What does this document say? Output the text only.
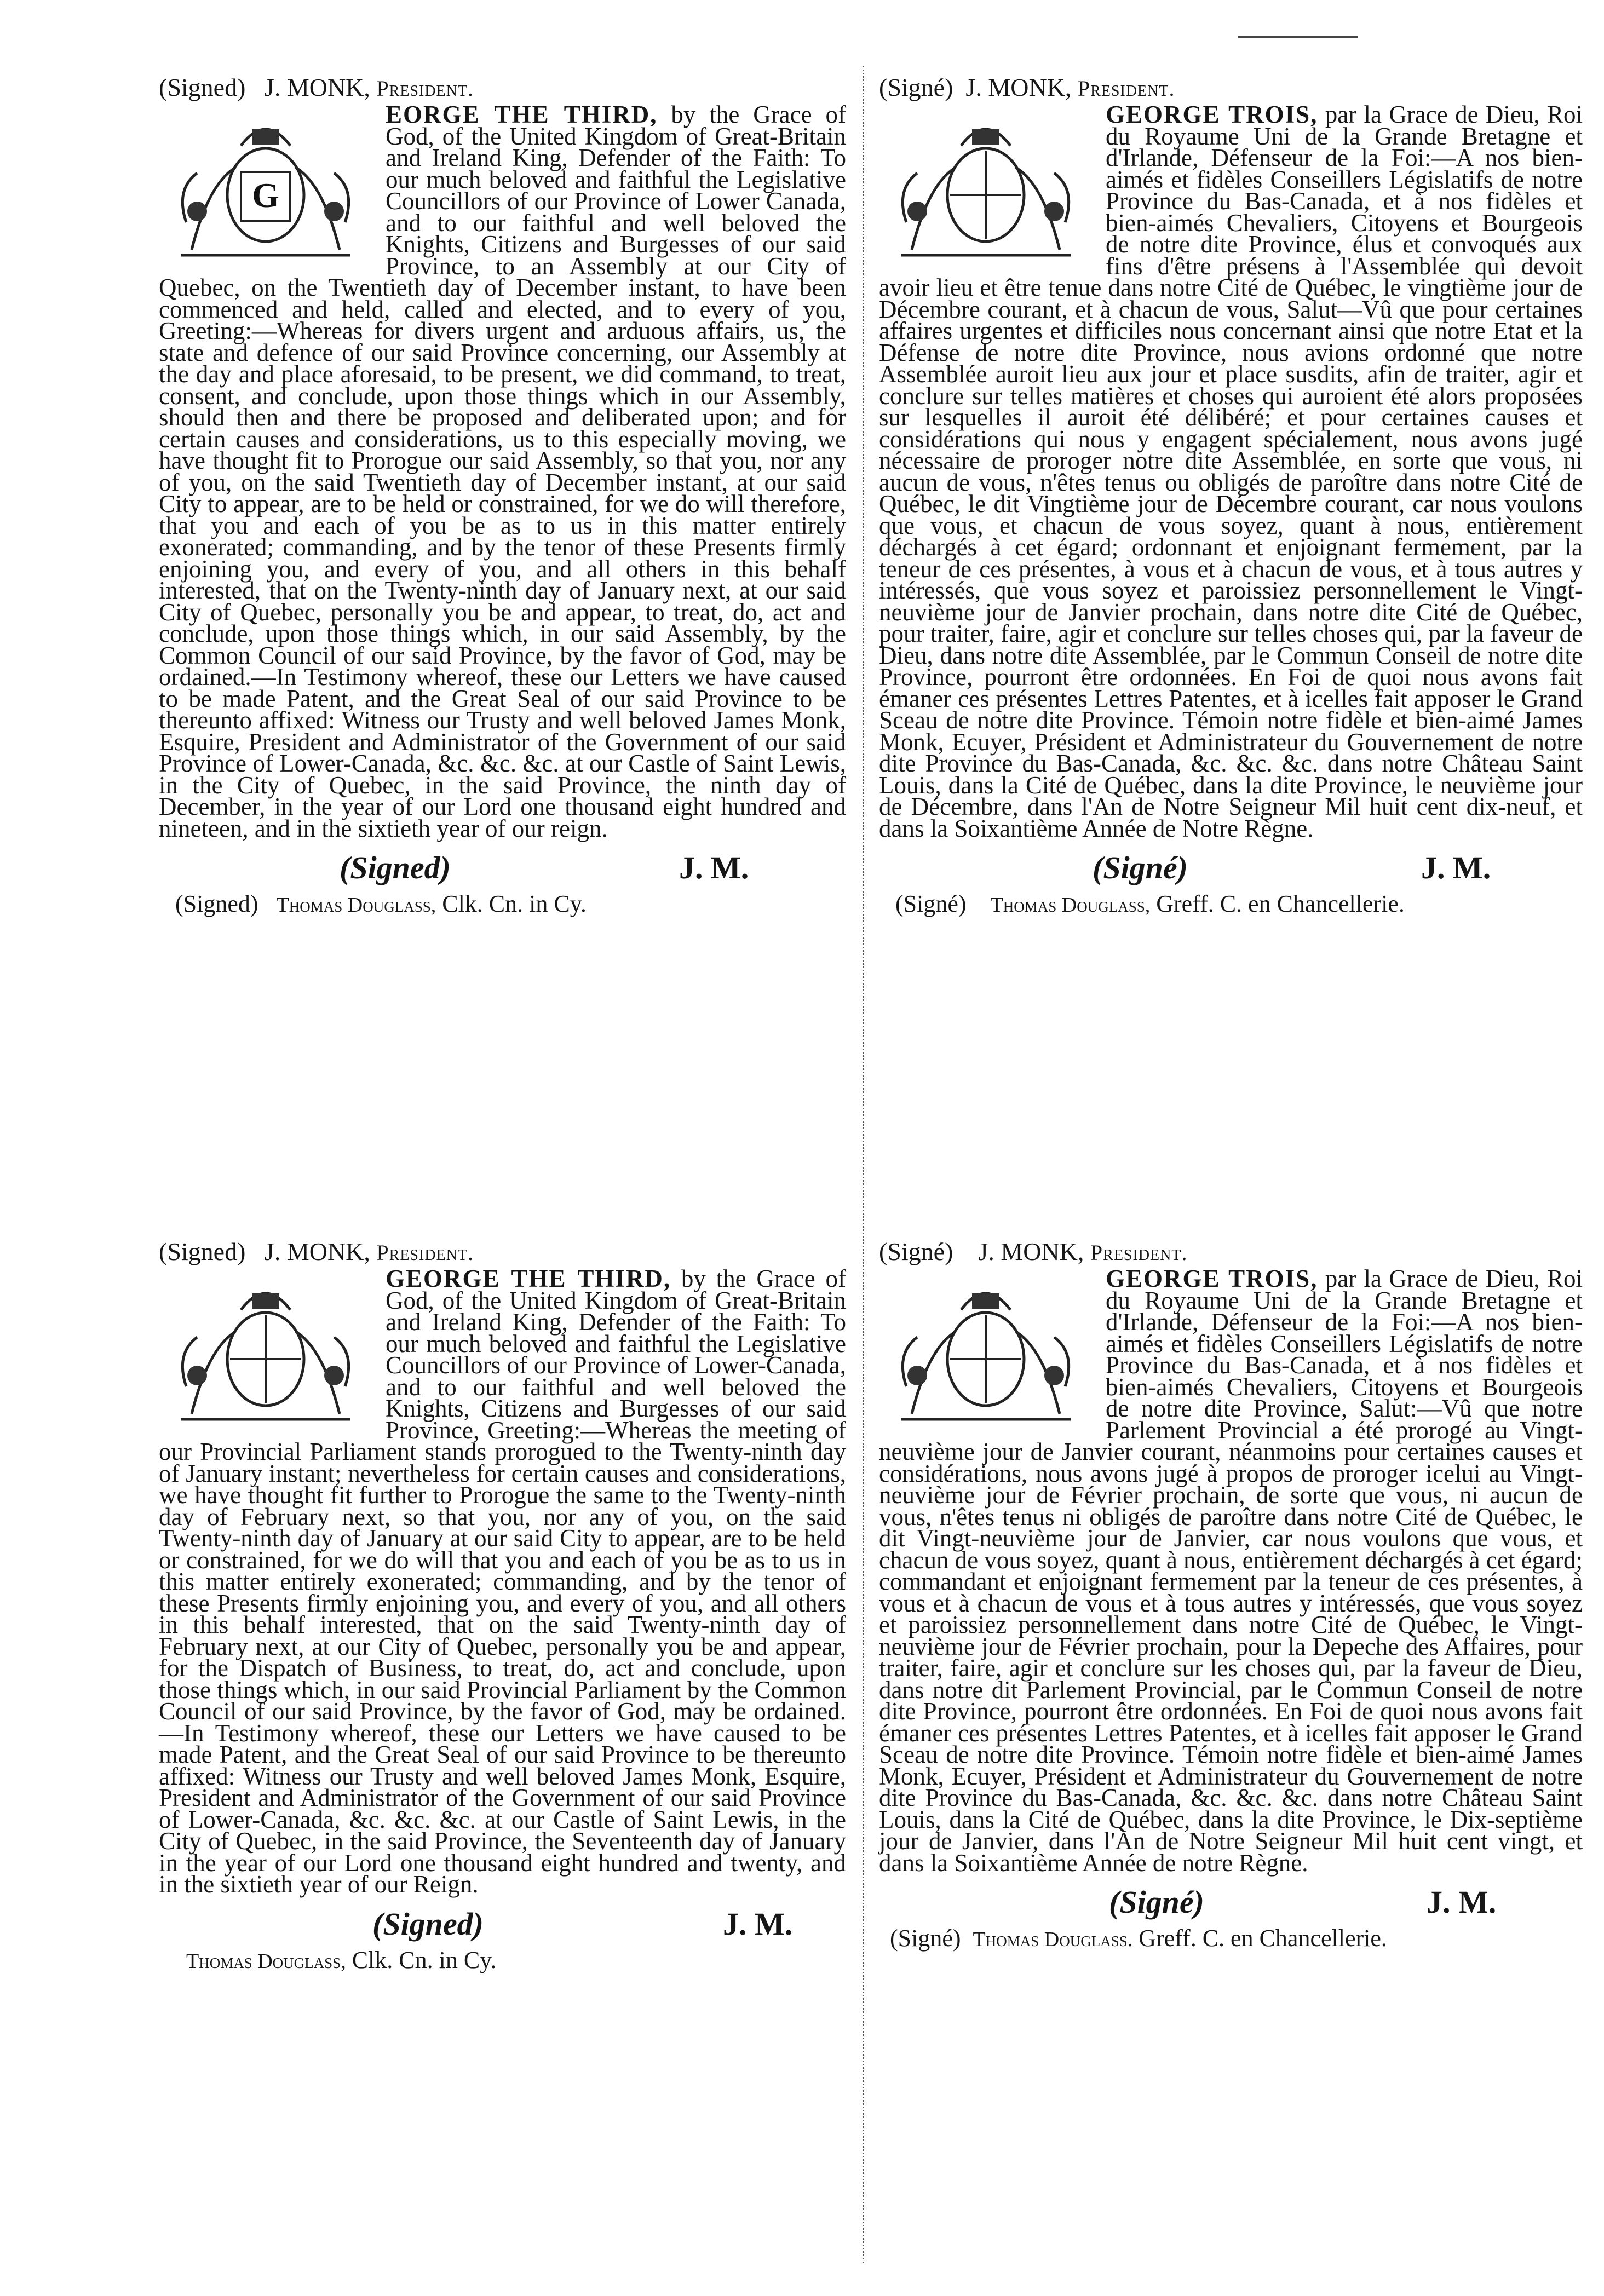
(Signed) J. MONK, President.
G
EORGE THE THIRD, by the Grace of God, of the United Kingdom of Great-Britain and Ireland King, Defender of the Faith: To our much beloved and faithful the Legislative Councillors of our Province of Lower Canada, and to our faithful and well beloved the Knights, Citizens and Burgesses of our said Province, to an Assembly at our City of Quebec, on the Twentieth day of December instant, to have been commenced and held, called and elected, and to every of you, Greeting:—Whereas for divers urgent and arduous affairs, us, the state and defence of our said Province concerning, our Assembly at the day and place aforesaid, to be present, we did command, to treat, consent, and conclude, upon those things which in our Assembly, should then and there be proposed and deliberated upon; and for certain causes and considerations, us to this especially moving, we have thought fit to Prorogue our said Assembly, so that you, nor any of you, on the said Twentieth day of December instant, at our said City to appear, are to be held or constrained, for we do will therefore, that you and each of you be as to us in this matter entirely exonerated; commanding, and by the tenor of these Presents firmly enjoining you, and every of you, and all others in this behalf interested, that on the Twenty-ninth day of January next, at our said City of Quebec, personally you be and appear, to treat, do, act and conclude, upon those things which, in our said Assembly, by the Common Council of our said Province, by the favor of God, may be ordained.—In Testimony whereof, these our Letters we have caused to be made Patent, and the Great Seal of our said Province to be thereunto affixed: Witness our Trusty and well beloved James Monk, Esquire, President and Administrator of the Government of our said Province of Lower-Canada, &c. &c. &c. at our Castle of Saint Lewis, in the City of Quebec, in the said Province, the ninth day of December, in the year of our Lord one thousand eight hundred and nineteen, and in the sixtieth year of our reign.
(Signed)	J. M.
(Signed) Thomas Douglass, Clk. Cn. in Cy.
(Signé) J. MONK, President.
GEORGE TROIS, par la Grace de Dieu, Roi du Royaume Uni de la Grande Bretagne et d'Irlande, Défenseur de la Foi:—A nos bien-aimés et fidèles Conseillers Législatifs de notre Province du Bas-Canada, et à nos fidèles et bien-aimés Chevaliers, Citoyens et Bourgeois de notre dite Province, élus et convoqués aux fins d'être présens à l'Assemblée qui devoit avoir lieu et être tenue dans notre Cité de Québec, le vingtième jour de Décembre courant, et à chacun de vous, Salut—Vû que pour certaines affaires urgentes et difficiles nous concernant ainsi que notre Etat et la Défense de notre dite Province, nous avions ordonné que notre Assemblée auroit lieu aux jour et place susdits, afin de traiter, agir et conclure sur telles matières et choses qui auroient été alors proposées sur lesquelles il auroit été délibéré; et pour certaines causes et considérations qui nous y engagent spécialement, nous avons jugé nécessaire de proroger notre dite Assemblée, en sorte que vous, ni aucun de vous, n'êtes tenus ou obligés de paroître dans notre Cité de Québec, le dit Vingtième jour de Décembre courant, car nous voulons que vous, et chacun de vous soyez, quant à nous, entièrement déchargés à cet égard; ordonnant et enjoignant fermement, par la teneur de ces présentes, à vous et à chacun de vous, et à tous autres y intéressés, que vous soyez et paroissiez personnellement le Vingt-neuvième jour de Janvier prochain, dans notre dite Cité de Québec, pour traiter, faire, agir et conclure sur telles choses qui, par la faveur de Dieu, dans notre dite Assemblée, par le Commun Conseil de notre dite Province, pourront être ordonnées. En Foi de quoi nous avons fait émaner ces présentes Lettres Patentes, et à icelles fait apposer le Grand Sceau de notre dite Province. Témoin notre fidèle et bien-aimé James Monk, Ecuyer, Président et Administrateur du Gouvernement de notre dite Province du Bas-Canada, &c. &c. &c. dans notre Château Saint Louis, dans la Cité de Québec, dans la dite Province, le neuvième jour de Décembre, dans l'An de Notre Seigneur Mil huit cent dix-neuf, et dans la Soixantième Année de Notre Règne.
(Signé)	J. M.
(Signé) Thomas Douglass, Greff. C. en Chancellerie.
(Signed) J. MONK, President.
GEORGE THE THIRD, by the Grace of God, of the United Kingdom of Great-Britain and Ireland King, Defender of the Faith: To our much beloved and faithful the Legislative Councillors of our Province of Lower-Canada, and to our faithful and well beloved the Knights, Citizens and Burgesses of our said Province, Greeting:—Whereas the meeting of our Provincial Parliament stands prorogued to the Twenty-ninth day of January instant; nevertheless for certain causes and considerations, we have thought fit further to Prorogue the same to the Twenty-ninth day of February next, so that you, nor any of you, on the said Twenty-ninth day of January at our said City to appear, are to be held or constrained, for we do will that you and each of you be as to us in this matter entirely exonerated; commanding, and by the tenor of these Presents firmly enjoining you, and every of you, and all others in this behalf interested, that on the said Twenty-ninth day of February next, at our City of Quebec, personally you be and appear, for the Dispatch of Business, to treat, do, act and conclude, upon those things which, in our said Provincial Parliament by the Common Council of our said Province, by the favor of God, may be ordained.—In Testimony whereof, these our Letters we have caused to be made Patent, and the Great Seal of our said Province to be thereunto affixed: Witness our Trusty and well beloved James Monk, Esquire, President and Administrator of the Government of our said Province of Lower-Canada, &c. &c. &c. at our Castle of Saint Lewis, in the City of Quebec, in the said Province, the Seventeenth day of January in the year of our Lord one thousand eight hundred and twenty, and in the sixtieth year of our Reign.
(Signed)	J. M.
Thomas Douglass, Clk. Cn. in Cy.
(Signé) J. MONK, President.
GEORGE TROIS, par la Grace de Dieu, Roi du Royaume Uni de la Grande Bretagne et d'Irlande, Défenseur de la Foi:—A nos bien-aimés et fidèles Conseillers Législatifs de notre Province du Bas-Canada, et à nos fidèles et bien-aimés Chevaliers, Citoyens et Bourgeois de notre dite Province, Salut:—Vû que notre Parlement Provincial a été prorogé au Vingt-neuvième jour de Janvier courant, néanmoins pour certaines causes et considérations, nous avons jugé à propos de proroger icelui au Vingt-neuvième jour de Février prochain, de sorte que vous, ni aucun de vous, n'êtes tenus ni obligés de paroître dans notre Cité de Québec, le dit Vingt-neuvième jour de Janvier, car nous voulons que vous, et chacun de vous soyez, quant à nous, entièrement déchargés à cet égard; commandant et enjoignant fermement par la teneur de ces présentes, à vous et à chacun de vous et à tous autres y intéressés, que vous soyez et paroissiez personnellement dans notre Cité de Québec, le Vingt-neuvième jour de Février prochain, pour la Depeche des Affaires, pour traiter, faire, agir et conclure sur les choses qui, par la faveur de Dieu, dans notre dit Parlement Provincial, par le Commun Conseil de notre dite Province, pourront être ordonnées. En Foi de quoi nous avons fait émaner ces présentes Lettres Patentes, et à icelles fait apposer le Grand Sceau de notre dite Province. Témoin notre fidèle et bien-aimé James Monk, Ecuyer, Président et Administrateur du Gouvernement de notre dite Province du Bas-Canada, &c. &c. &c. dans notre Château Saint Louis, dans la Cité de Québec, dans la dite Province, le Dix-septième jour de Janvier, dans l'An de Notre Seigneur Mil huit cent vingt, et dans la Soixantième Année de notre Règne.
(Signé)	J. M.
(Signé) Thomas Douglass. Greff. C. en Chancellerie.
